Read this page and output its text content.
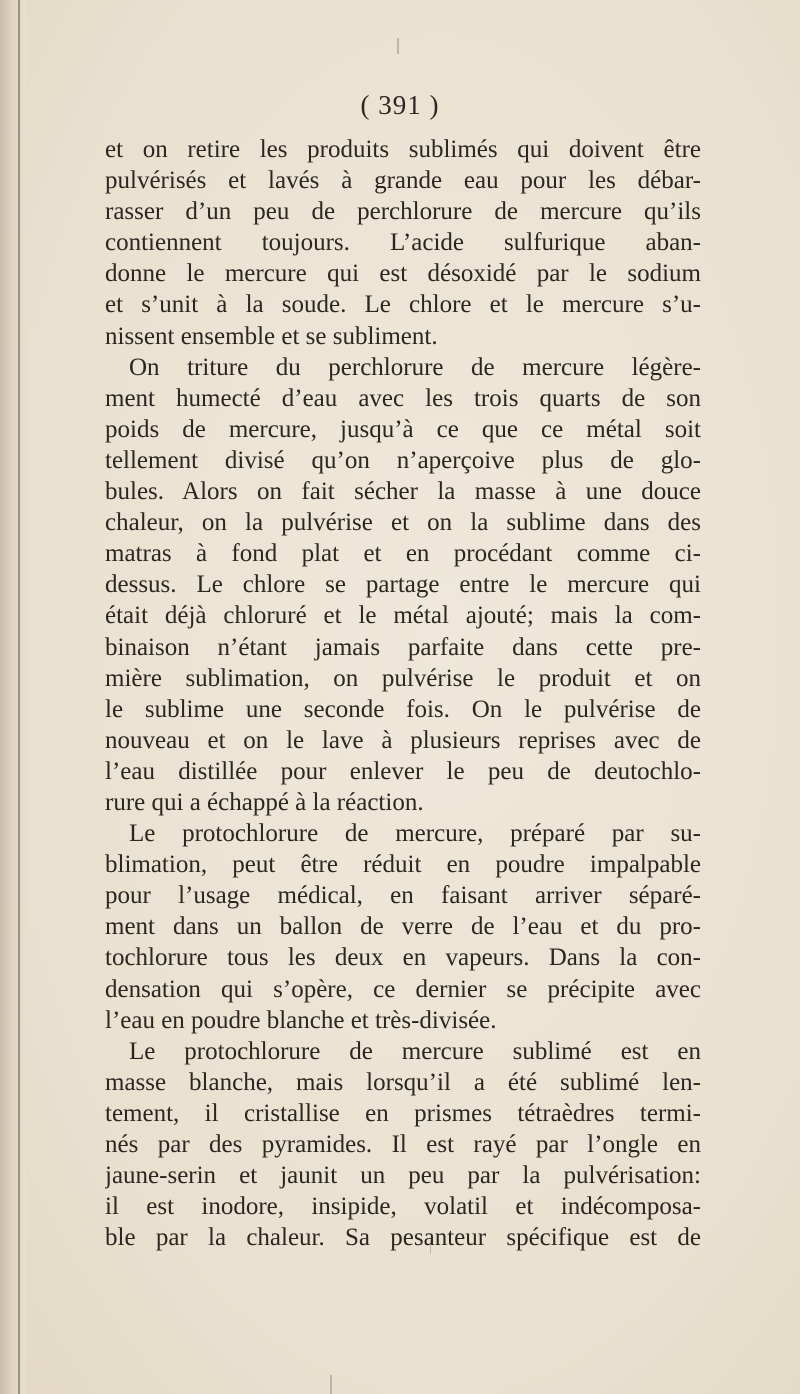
( 391 )
et on retire les produits sublimés qui doivent être
pulvérisés et lavés à grande eau pour les débar-
rasser d’un peu de perchlorure de mercure qu’ils
contiennent toujours. L’acide sulfurique aban-
donne le mercure qui est désoxidé par le sodium
et s’unit à la soude. Le chlore et le mercure s’u-
nissent ensemble et se subliment.
On triture du perchlorure de mercure légère-
ment humecté d’eau avec les trois quarts de son
poids de mercure, jusqu’à ce que ce métal soit
tellement divisé qu’on n’aperçoive plus de glo-
bules. Alors on fait sécher la masse à une douce
chaleur, on la pulvérise et on la sublime dans des
matras à fond plat et en procédant comme ci-
dessus. Le chlore se partage entre le mercure qui
était déjà chloruré et le métal ajouté; mais la com-
binaison n’étant jamais parfaite dans cette pre-
mière sublimation, on pulvérise le produit et on
le sublime une seconde fois. On le pulvérise de
nouveau et on le lave à plusieurs reprises avec de
l’eau distillée pour enlever le peu de deutochlo-
rure qui a échappé à la réaction.
Le protochlorure de mercure, préparé par su-
blimation, peut être réduit en poudre impalpable
pour l’usage médical, en faisant arriver séparé-
ment dans un ballon de verre de l’eau et du pro-
tochlorure tous les deux en vapeurs. Dans la con-
densation qui s’opère, ce dernier se précipite avec
l’eau en poudre blanche et très-divisée.
Le protochlorure de mercure sublimé est en
masse blanche, mais lorsqu’il a été sublimé len-
tement, il cristallise en prismes tétraèdres termi-
nés par des pyramides. Il est rayé par l’ongle en
jaune-serin et jaunit un peu par la pulvérisation:
il est inodore, insipide, volatil et indécomposa-
ble par la chaleur. Sa pesanteur spécifique est de
